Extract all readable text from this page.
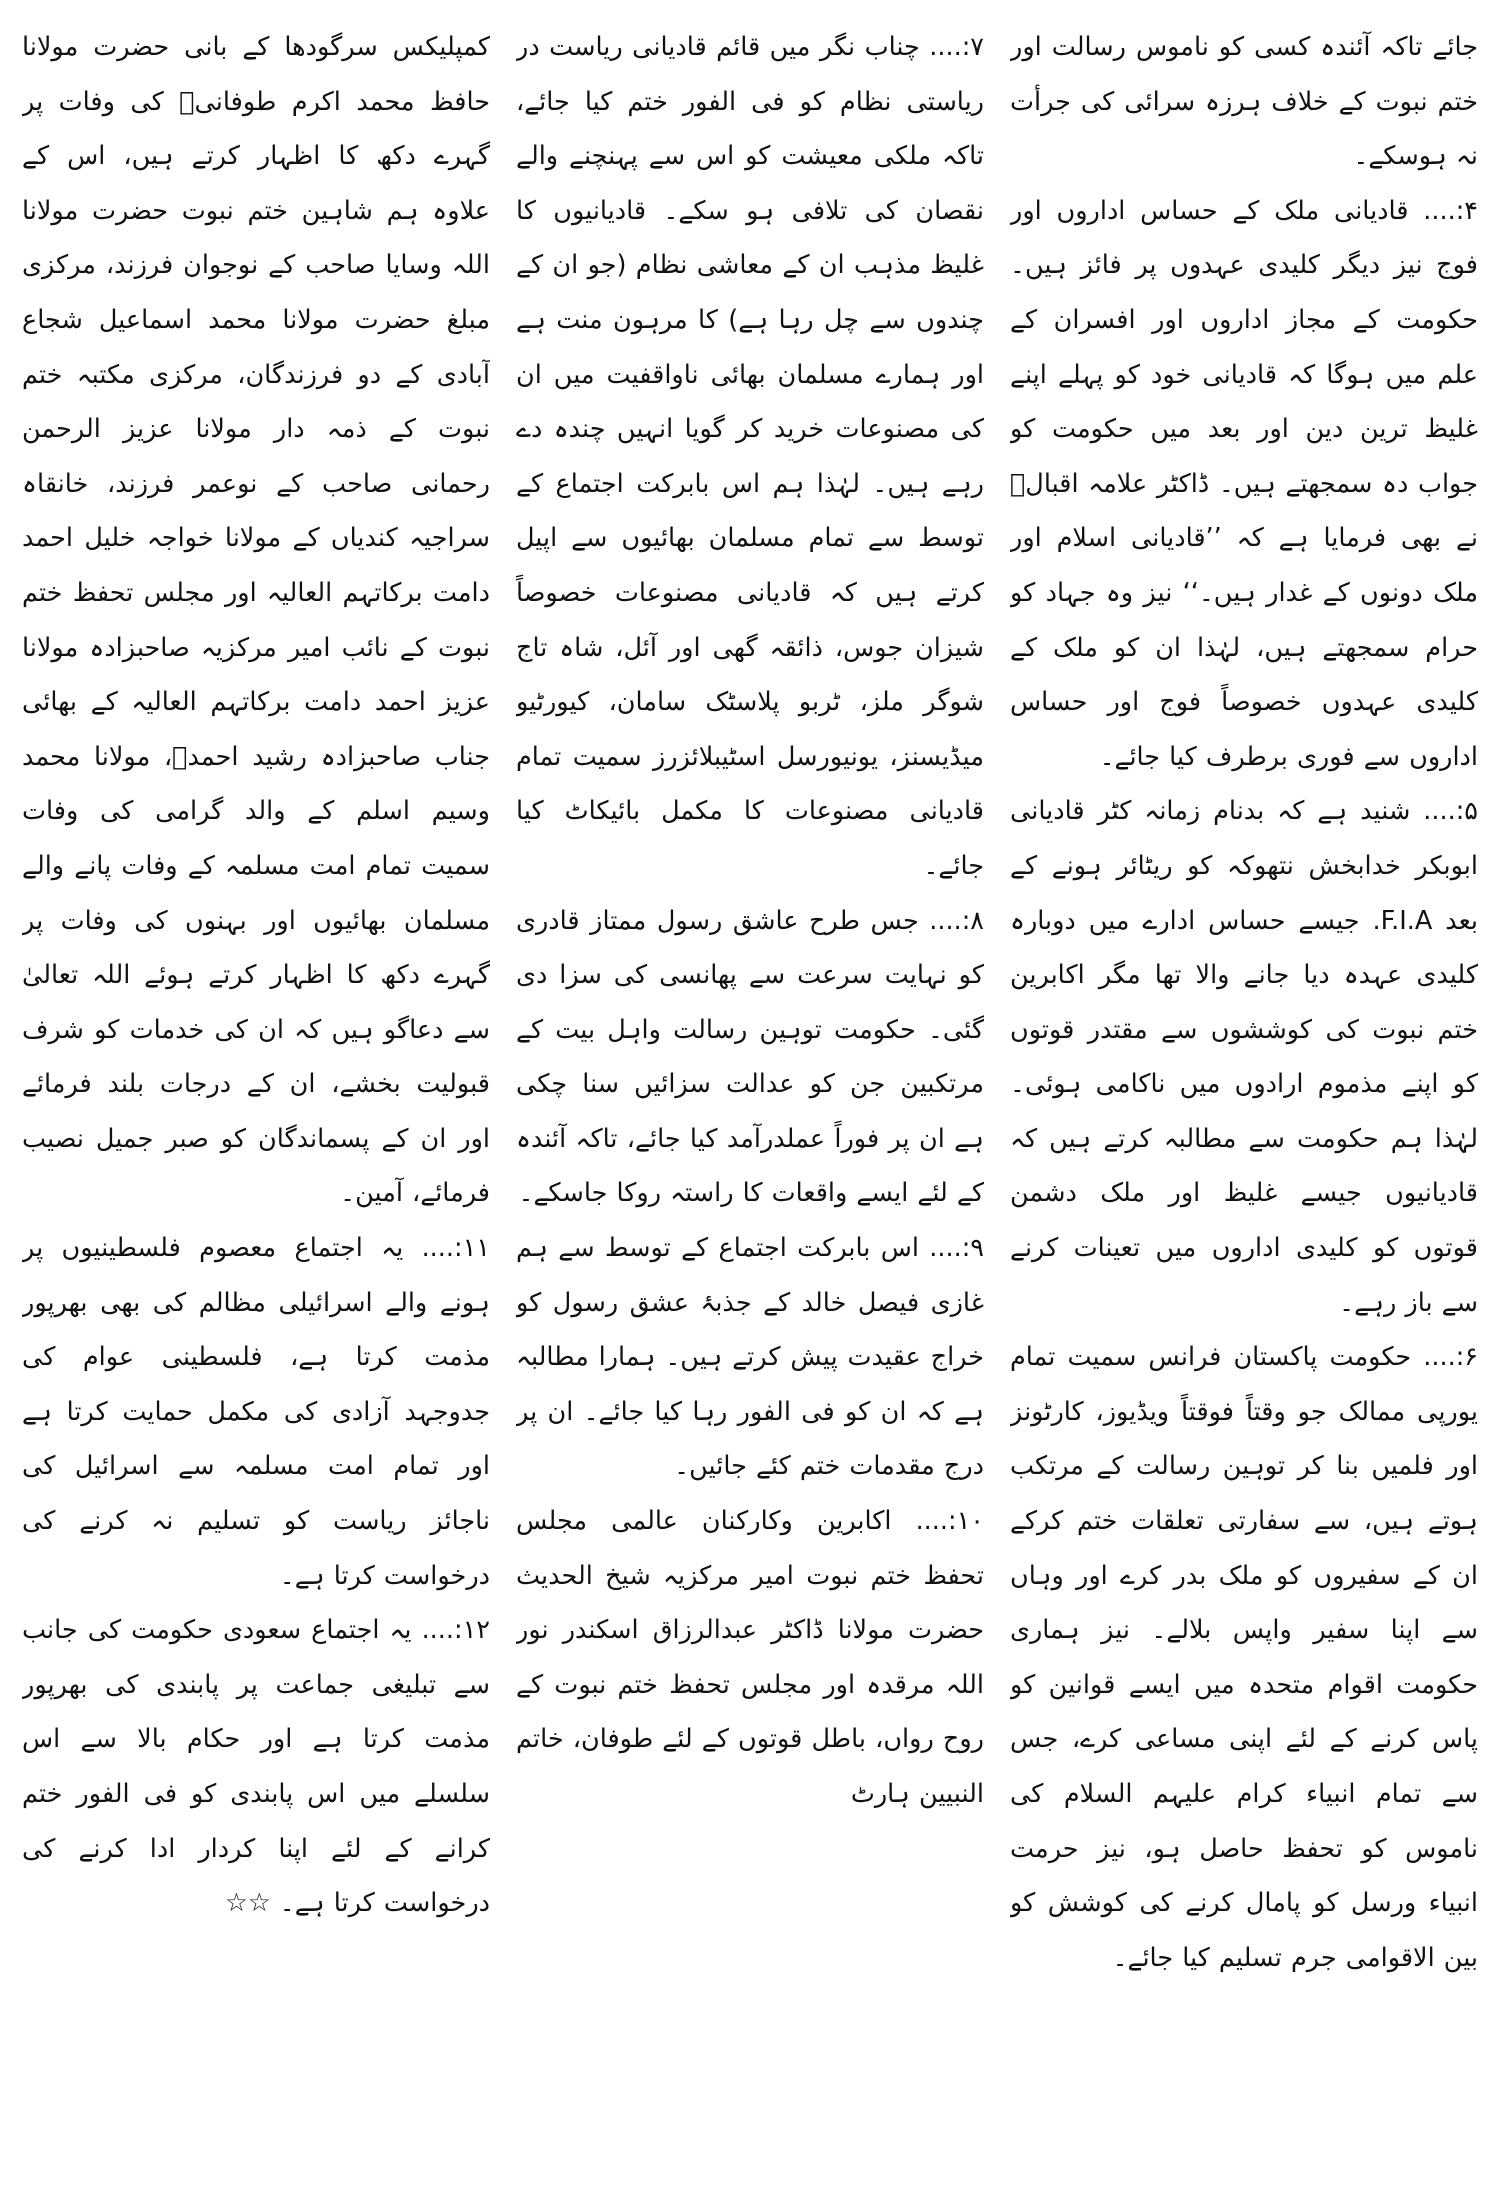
جائے تاکہ آئندہ کسی کو ناموس رسالت اور ختم نبوت کے خلاف ہرزہ سرائی کی جرأت نہ ہوسکے۔

۴:.... قادیانی ملک کے حساس اداروں اور فوج نیز دیگر کلیدی عہدوں پر فائز ہیں۔ حکومت کے مجاز اداروں اور افسران کے علم میں ہوگا کہ قادیانی خود کو پہلے اپنے غلیظ ترین دین اور بعد میں حکومت کو جواب دہ سمجھتے ہیں۔ ڈاکٹر علامہ اقبالؒ نے بھی فرمایا ہے کہ ’’قادیانی اسلام اور ملک دونوں کے غدار ہیں۔‘‘ نیز وہ جہاد کو حرام سمجھتے ہیں، لہٰذا ان کو ملک کے کلیدی عہدوں خصوصاً فوج اور حساس اداروں سے فوری برطرف کیا جائے۔

۵:.... شنید ہے کہ بدنام زمانہ کٹر قادیانی ابوبکر خدابخش نتھوکہ کو ریٹائر ہونے کے بعد F.I.A. جیسے حساس ادارے میں دوبارہ کلیدی عہدہ دیا جانے والا تھا مگر اکابرین ختم نبوت کی کوششوں سے مقتدر قوتوں کو اپنے مذموم ارادوں میں ناکامی ہوئی۔ لہٰذا ہم حکومت سے مطالبہ کرتے ہیں کہ قادیانیوں جیسے غلیظ اور ملک دشمن قوتوں کو کلیدی اداروں میں تعینات کرنے سے باز رہے۔

۶:.... حکومت پاکستان فرانس سمیت تمام یورپی ممالک جو وقتاً فوقتاً ویڈیوز، کارٹونز اور فلمیں بنا کر توہین رسالت کے مرتکب ہوتے ہیں، سے سفارتی تعلقات ختم کرکے ان کے سفیروں کو ملک بدر کرے اور وہاں سے اپنا سفیر واپس بلالے۔ نیز ہماری حکومت اقوام متحدہ میں ایسے قوانین کو پاس کرنے کے لئے اپنی مساعی کرے، جس سے تمام انبیاء کرام علیہم السلام کی ناموس کو تحفظ حاصل ہو، نیز حرمت انبیاء ورسل کو پامال کرنے کی کوشش کو بین الاقوامی جرم تسلیم کیا جائے۔

۷:.... چناب نگر میں قائم قادیانی ریاست در ریاستی نظام کو فی الفور ختم کیا جائے، تاکہ ملکی معیشت کو اس سے پہنچنے والے نقصان کی تلافی ہو سکے۔ قادیانیوں کا غلیظ مذہب ان کے معاشی نظام (جو ان کے چندوں سے چل رہا ہے) کا مرہون منت ہے اور ہمارے مسلمان بھائی ناواقفیت میں ان کی مصنوعات خرید کر گویا انہیں چندہ دے رہے ہیں۔ لہٰذا ہم اس بابرکت اجتماع کے توسط سے تمام مسلمان بھائیوں سے اپیل کرتے ہیں کہ قادیانی مصنوعات خصوصاً شیزان جوس، ذائقہ گھی اور آئل، شاہ تاج شوگر ملز، ٹربو پلاسٹک سامان، کیورٹیو میڈیسنز، یونیورسل اسٹیبلائزرز سمیت تمام قادیانی مصنوعات کا مکمل بائیکاٹ کیا جائے۔

۸:.... جس طرح عاشق رسول ممتاز قادری کو نہایت سرعت سے پھانسی کی سزا دی گئی۔ حکومت توہین رسالت واہل بیت کے مرتکبین جن کو عدالت سزائیں سنا چکی ہے ان پر فوراً عملدرآمد کیا جائے، تاکہ آئندہ کے لئے ایسے واقعات کا راستہ روکا جاسکے۔

۹:.... اس بابرکت اجتماع کے توسط سے ہم غازی فیصل خالد کے جذبۂ عشق رسول کو خراج عقیدت پیش کرتے ہیں۔ ہمارا مطالبہ ہے کہ ان کو فی الفور رہا کیا جائے۔ ان پر درج مقدمات ختم کئے جائیں۔

۱۰:.... اکابرین وکارکنان عالمی مجلس تحفظ ختم نبوت امیر مرکزیہ شیخ الحدیث حضرت مولانا ڈاکٹر عبدالرزاق اسکندر نور اللہ مرقدہ اور مجلس تحفظ ختم نبوت کے روح رواں، باطل قوتوں کے لئے طوفان، خاتم النبیین ہارٹ

کمپلیکس سرگودھا کے بانی حضرت مولانا حافظ محمد اکرم طوفانیؒ کی وفات پر گہرے دکھ کا اظہار کرتے ہیں، اس کے علاوہ ہم شاہین ختم نبوت حضرت مولانا اللہ وسایا صاحب کے نوجوان فرزند، مرکزی مبلغ حضرت مولانا محمد اسماعیل شجاع آبادی کے دو فرزندگان، مرکزی مکتبہ ختم نبوت کے ذمہ دار مولانا عزیز الرحمن رحمانی صاحب کے نوعمر فرزند، خانقاہ سراجیہ کندیاں کے مولانا خواجہ خلیل احمد دامت برکاتہم العالیہ اور مجلس تحفظ ختم نبوت کے نائب امیر مرکزیہ صاحبزادہ مولانا عزیز احمد دامت برکاتہم العالیہ کے بھائی جناب صاحبزادہ رشید احمدؒ، مولانا محمد وسیم اسلم کے والد گرامی کی وفات سمیت تمام امت مسلمہ کے وفات پانے والے مسلمان بھائیوں اور بہنوں کی وفات پر گہرے دکھ کا اظہار کرتے ہوئے اللہ تعالیٰ سے دعاگو ہیں کہ ان کی خدمات کو شرف قبولیت بخشے، ان کے درجات بلند فرمائے اور ان کے پسماندگان کو صبر جمیل نصیب فرمائے، آمین۔

۱۱:.... یہ اجتماع معصوم فلسطینیوں پر ہونے والے اسرائیلی مظالم کی بھی بھرپور مذمت کرتا ہے، فلسطینی عوام کی جدوجہد آزادی کی مکمل حمایت کرتا ہے اور تمام امت مسلمہ سے اسرائیل کی ناجائز ریاست کو تسلیم نہ کرنے کی درخواست کرتا ہے۔

۱۲:.... یہ اجتماع سعودی حکومت کی جانب سے تبلیغی جماعت پر پابندی کی بھرپور مذمت کرتا ہے اور حکام بالا سے اس سلسلے میں اس پابندی کو فی الفور ختم کرانے کے لئے اپنا کردار ادا کرنے کی درخواست کرتا ہے۔ ☆☆
